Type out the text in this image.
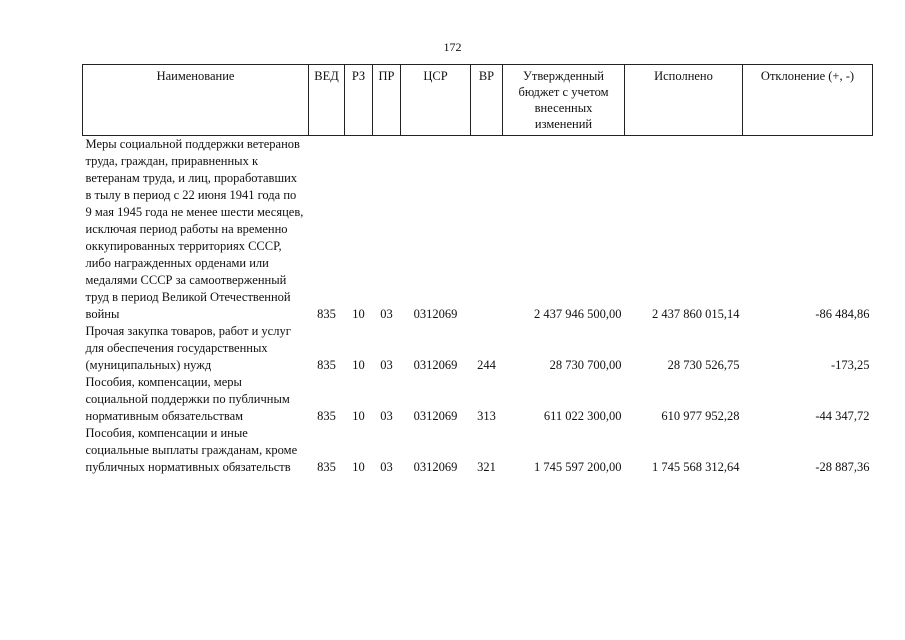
172
Наименование	ВЕД	РЗ	ПР	ЦСР	ВР	Утвержденный бюджет с учетом внесенных изменений	Исполнено	Отклонение (+, -)

Меры социальной поддержки ветеранов труда, граждан, приравненных к ветеранам труда, и лиц, проработавших в тылу в период с 22 июня 1941 года по 9 мая 1945 года не менее шести месяцев, исключая период работы на временно оккупированных территориях СССР, либо награжденных орденами или медалями СССР за самоотверженный труд в период Великой Отечественной войны	835	10	03	0312069		2 437 946 500,00	2 437 860 015,14	-86 484,86

Прочая закупка товаров, работ и услуг для обеспечения государственных (муниципальных) нужд	835	10	03	0312069	244	28 730 700,00	28 730 526,75	-173,25

Пособия, компенсации, меры социальной поддержки по публичным нормативным обязательствам	835	10	03	0312069	313	611 022 300,00	610 977 952,28	-44 347,72

Пособия, компенсации и иные социальные выплаты гражданам, кроме публичных нормативных обязательств	835	10	03	0312069	321	1 745 597 200,00	1 745 568 312,64	-28 887,36
